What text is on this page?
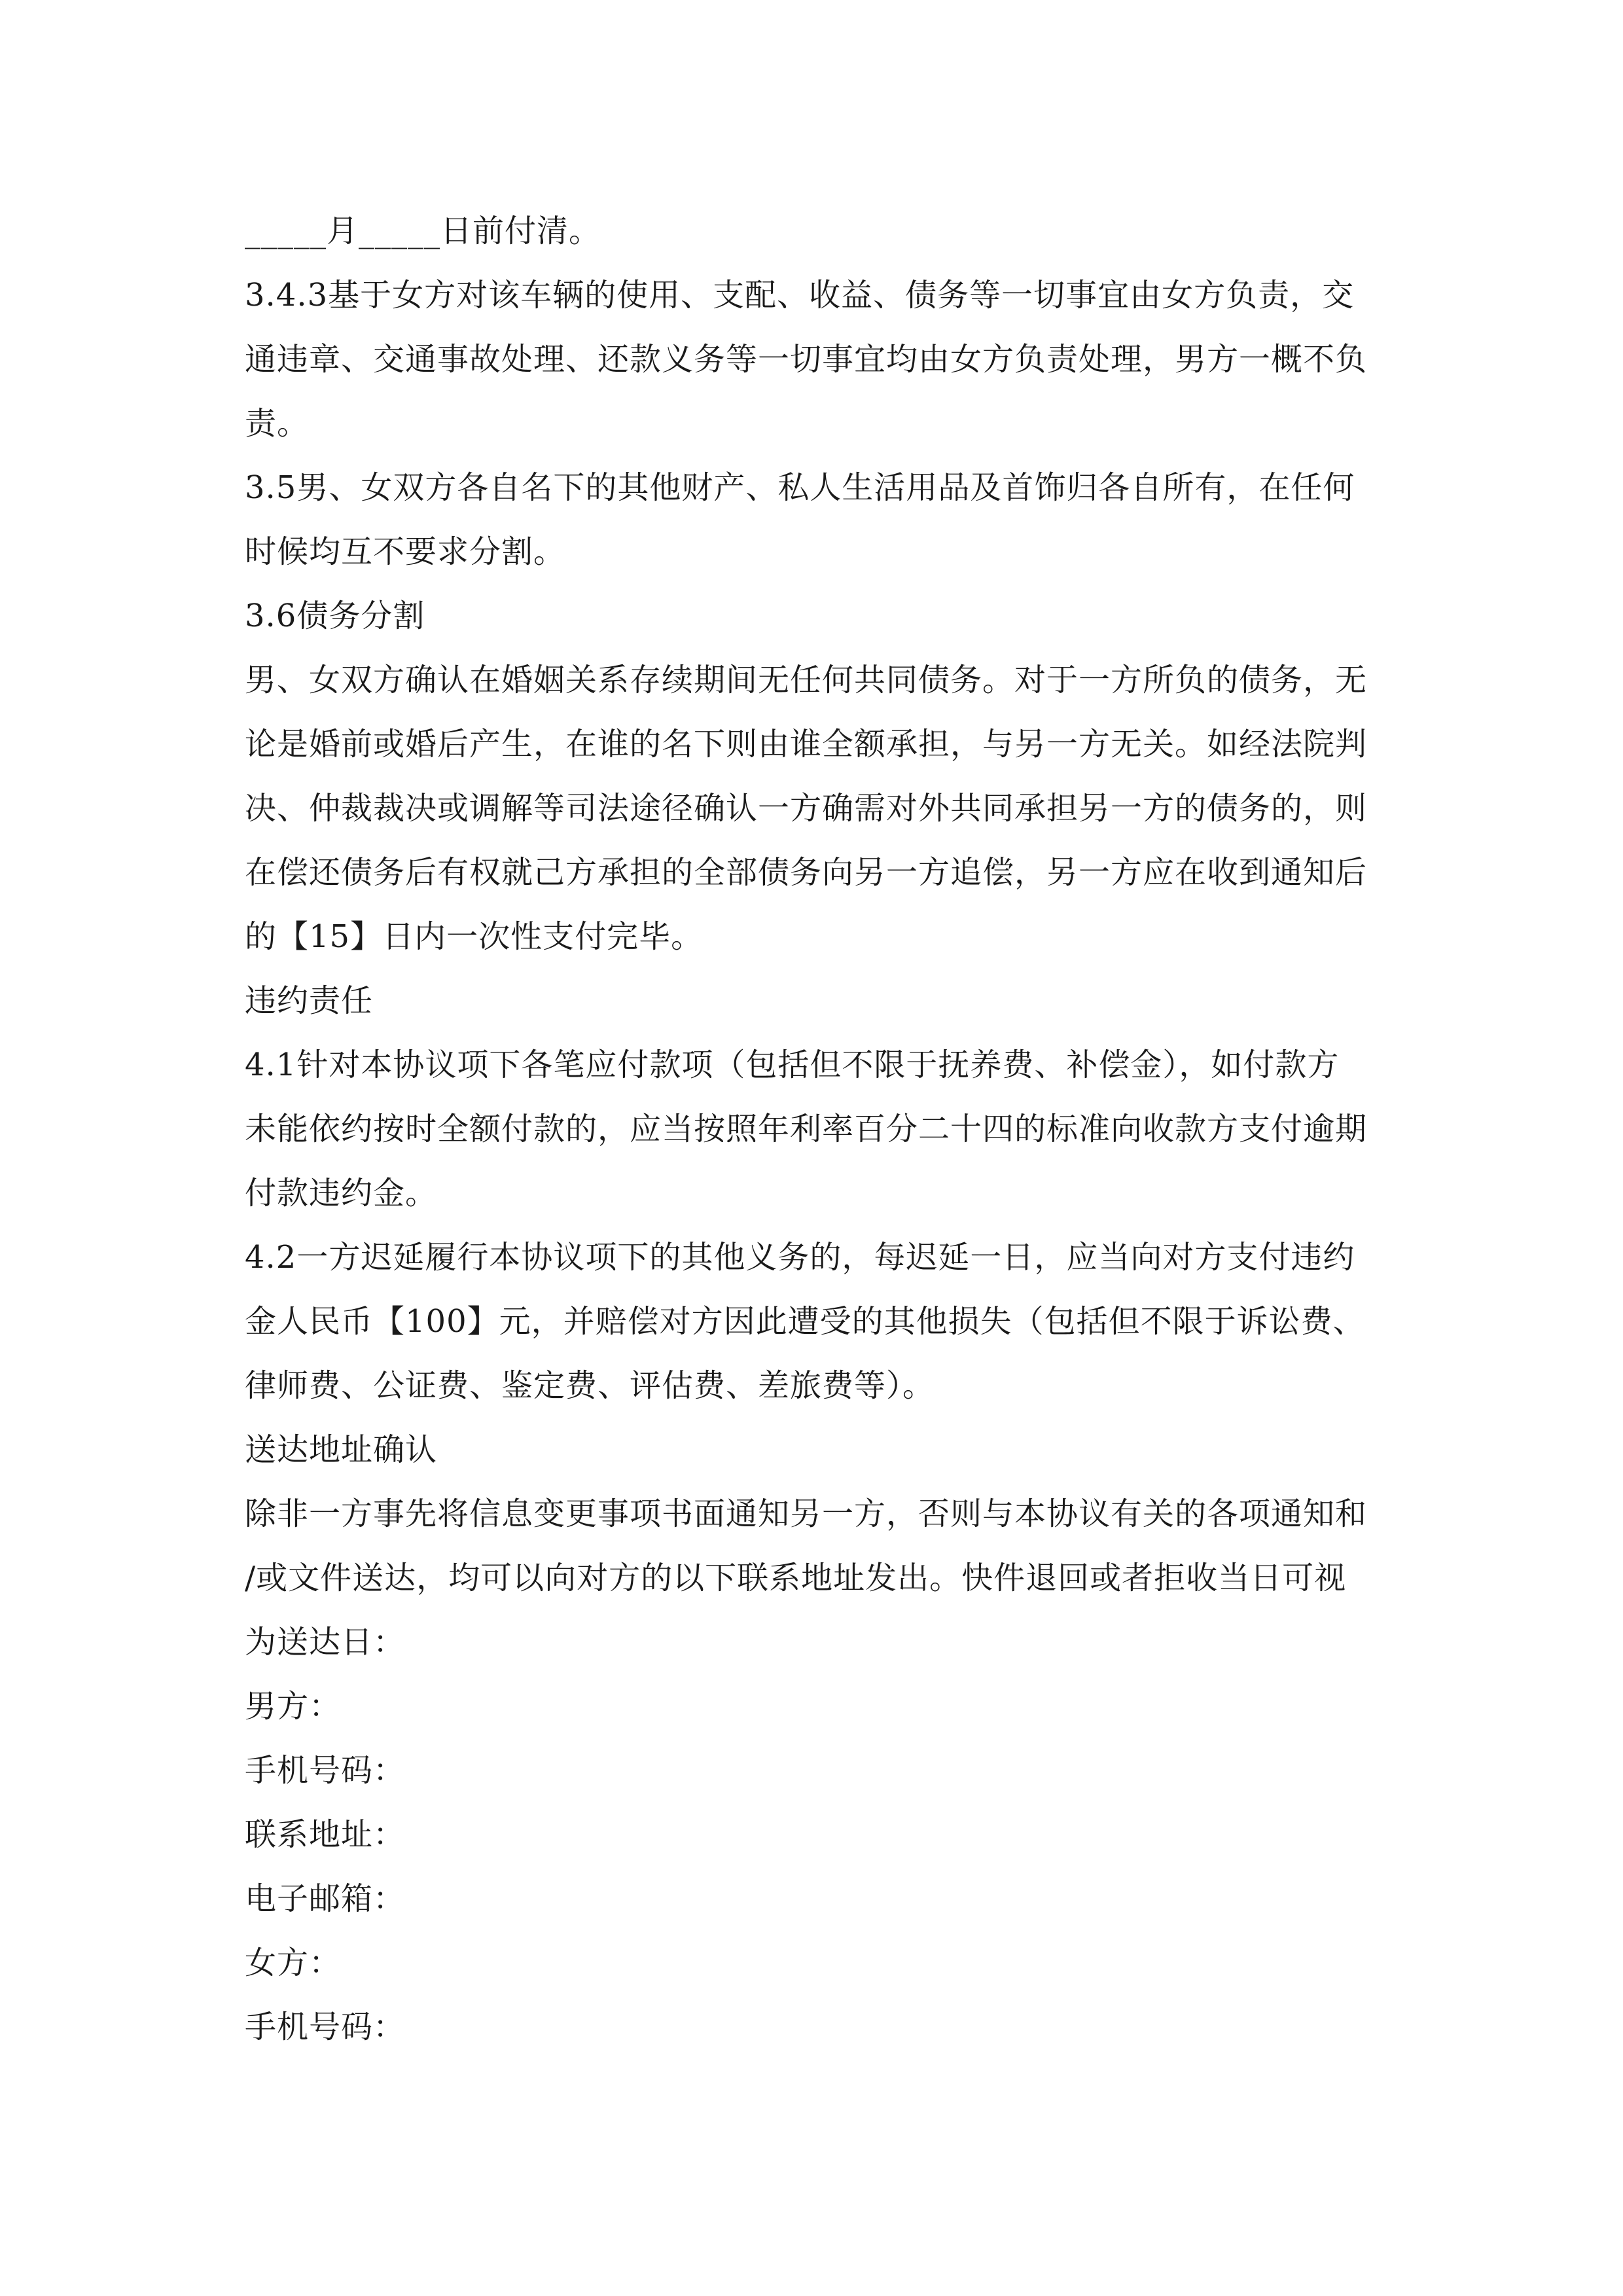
_____月_____日前付清。
3.4.3基于女方对该车辆的使用、支配、收益、债务等一切事宜由女方负责，交
通违章、交通事故处理、还款义务等一切事宜均由女方负责处理，男方一概不负
责。
3.5男、女双方各自名下的其他财产、私人生活用品及首饰归各自所有，在任何
时候均互不要求分割。
3.6债务分割
男、女双方确认在婚姻关系存续期间无任何共同债务。对于一方所负的债务，无
论是婚前或婚后产生，在谁的名下则由谁全额承担，与另一方无关。如经法院判
决、仲裁裁决或调解等司法途径确认一方确需对外共同承担另一方的债务的，则
在偿还债务后有权就己方承担的全部债务向另一方追偿，另一方应在收到通知后
的【15】日内一次性支付完毕。
违约责任
4.1针对本协议项下各笔应付款项（包括但不限于抚养费、补偿金），如付款方
未能依约按时全额付款的，应当按照年利率百分二十四的标准向收款方支付逾期
付款违约金。
4.2一方迟延履行本协议项下的其他义务的，每迟延一日，应当向对方支付违约
金人民币【100】元，并赔偿对方因此遭受的其他损失（包括但不限于诉讼费、
律师费、公证费、鉴定费、评估费、差旅费等）。
送达地址确认
除非一方事先将信息变更事项书面通知另一方，否则与本协议有关的各项通知和
/或文件送达，均可以向对方的以下联系地址发出。快件退回或者拒收当日可视
为送达日：
男方：
手机号码：
联系地址：
电子邮箱：
女方：
手机号码：
